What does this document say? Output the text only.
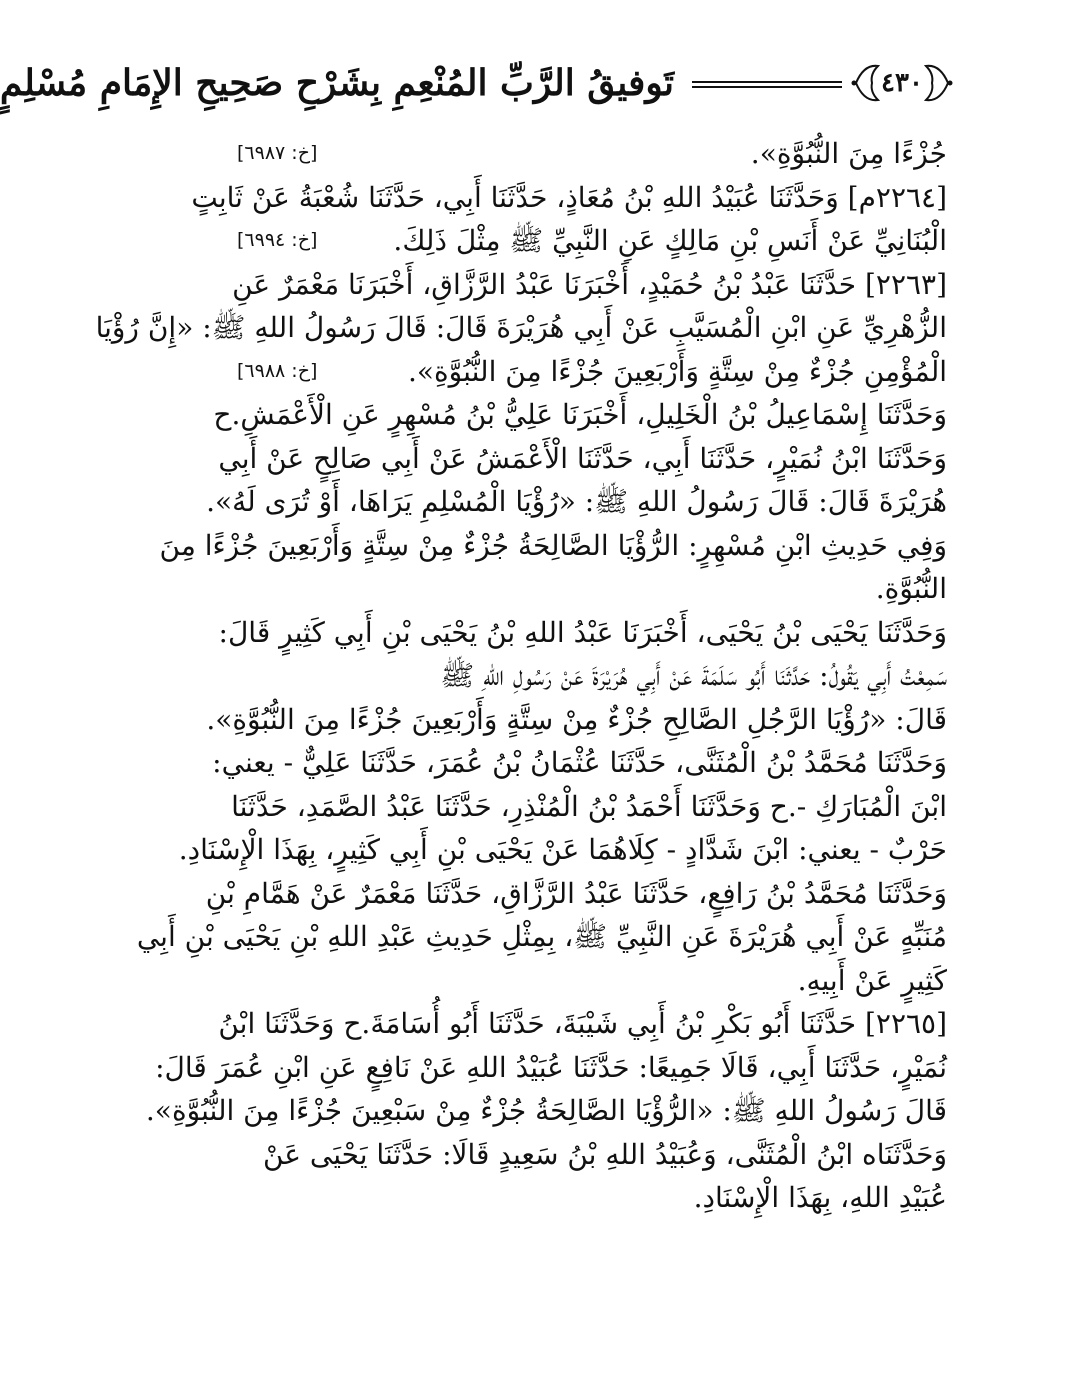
٤٣٠
تَوفيقُ الرَّبِّ المُنْعِمِ بِشَرْحِ صَحِيحِ الإِمَامِ مُسْلِمٍ
جُزْءًا مِنَ النُّبُوَّةِ».
[خ: ٦٩٨٧]
[٢٢٦٤م] وَحَدَّثَنَا عُبَيْدُ اللهِ بْنُ مُعَاذٍ، حَدَّثَنَا أَبِي، حَدَّثَنَا شُعْبَةُ عَنْ ثَابِتٍ
الْبُنَانِيِّ عَنْ أَنَسِ بْنِ مَالِكٍ عَنِ النَّبِيِّ ﷺ مِثْلَ ذَلِكَ.
[خ: ٦٩٩٤]
[٢٢٦٣] حَدَّثَنَا عَبْدُ بْنُ حُمَيْدٍ، أَخْبَرَنَا عَبْدُ الرَّزَّاقِ، أَخْبَرَنَا مَعْمَرٌ عَنِ
الزُّهْرِيِّ عَنِ ابْنِ الْمُسَيَّبِ عَنْ أَبِي هُرَيْرَةَ قَالَ: قَالَ رَسُولُ اللهِ ﷺ: «إِنَّ رُؤْيَا
الْمُؤْمِنِ جُزْءٌ مِنْ سِتَّةٍ وَأَرْبَعِينَ جُزْءًا مِنَ النُّبُوَّةِ».
[خ: ٦٩٨٨]
وَحَدَّثَنَا إِسْمَاعِيلُ بْنُ الْخَلِيلِ، أَخْبَرَنَا عَلِيُّ بْنُ مُسْهِرٍ عَنِ الْأَعْمَشِ.ح
وَحَدَّثَنَا ابْنُ نُمَيْرٍ، حَدَّثَنَا أَبِي، حَدَّثَنَا الْأَعْمَشُ عَنْ أَبِي صَالِحٍ عَنْ أَبِي
هُرَيْرَةَ قَالَ: قَالَ رَسُولُ اللهِ ﷺ: «رُؤْيَا الْمُسْلِمِ يَرَاهَا، أَوْ تُرَى لَهُ».
وَفِي حَدِيثِ ابْنِ مُسْهِرٍ: الرُّؤْيَا الصَّالِحَةُ جُزْءٌ مِنْ سِتَّةٍ وَأَرْبَعِينَ جُزْءًا مِنَ
النُّبُوَّةِ.
وَحَدَّثَنَا يَحْيَى بْنُ يَحْيَى، أَخْبَرَنَا عَبْدُ اللهِ بْنُ يَحْيَى بْنِ أَبِي كَثِيرٍ قَالَ:
سَمِعْتُ أَبِي يَقُولُ: حَدَّثَنَا أَبُو سَلَمَةَ عَنْ أَبِي هُرَيْرَةَ عَنْ رَسُولِ اللهِ ﷺ
قَالَ: «رُؤْيَا الرَّجُلِ الصَّالِحِ جُزْءٌ مِنْ سِتَّةٍ وَأَرْبَعِينَ جُزْءًا مِنَ النُّبُوَّةِ».
وَحَدَّثَنَا مُحَمَّدُ بْنُ الْمُثَنَّى، حَدَّثَنَا عُثْمَانُ بْنُ عُمَرَ، حَدَّثَنَا عَلِيٌّ - يعني:
ابْنَ الْمُبَارَكِ -.ح وَحَدَّثَنَا أَحْمَدُ بْنُ الْمُنْذِرِ، حَدَّثَنَا عَبْدُ الصَّمَدِ، حَدَّثَنَا
حَرْبٌ - يعني: ابْنَ شَدَّادٍ - كِلَاهُمَا عَنْ يَحْيَى بْنِ أَبِي كَثِيرٍ، بِهَذَا الْإِسْنَادِ.
وَحَدَّثَنَا مُحَمَّدُ بْنُ رَافِعٍ، حَدَّثَنَا عَبْدُ الرَّزَّاقِ، حَدَّثَنَا مَعْمَرٌ عَنْ هَمَّامِ بْنِ
مُنَبِّهٍ عَنْ أَبِي هُرَيْرَةَ عَنِ النَّبِيِّ ﷺ، بِمِثْلِ حَدِيثِ عَبْدِ اللهِ بْنِ يَحْيَى بْنِ أَبِي
كَثِيرٍ عَنْ أَبِيهِ.
[٢٢٦٥] حَدَّثَنَا أَبُو بَكْرِ بْنُ أَبِي شَيْبَةَ، حَدَّثَنَا أَبُو أُسَامَةَ.ح وَحَدَّثَنَا ابْنُ
نُمَيْرٍ، حَدَّثَنَا أَبِي، قَالَا جَمِيعًا: حَدَّثَنَا عُبَيْدُ اللهِ عَنْ نَافِعٍ عَنِ ابْنِ عُمَرَ قَالَ:
قَالَ رَسُولُ اللهِ ﷺ: «الرُّؤْيَا الصَّالِحَةُ جُزْءٌ مِنْ سَبْعِينَ جُزْءًا مِنَ النُّبُوَّةِ».
وَحَدَّثَنَاه ابْنُ الْمُثَنَّى، وَعُبَيْدُ اللهِ بْنُ سَعِيدٍ قَالَا: حَدَّثَنَا يَحْيَى عَنْ
عُبَيْدِ اللهِ، بِهَذَا الْإِسْنَادِ.
